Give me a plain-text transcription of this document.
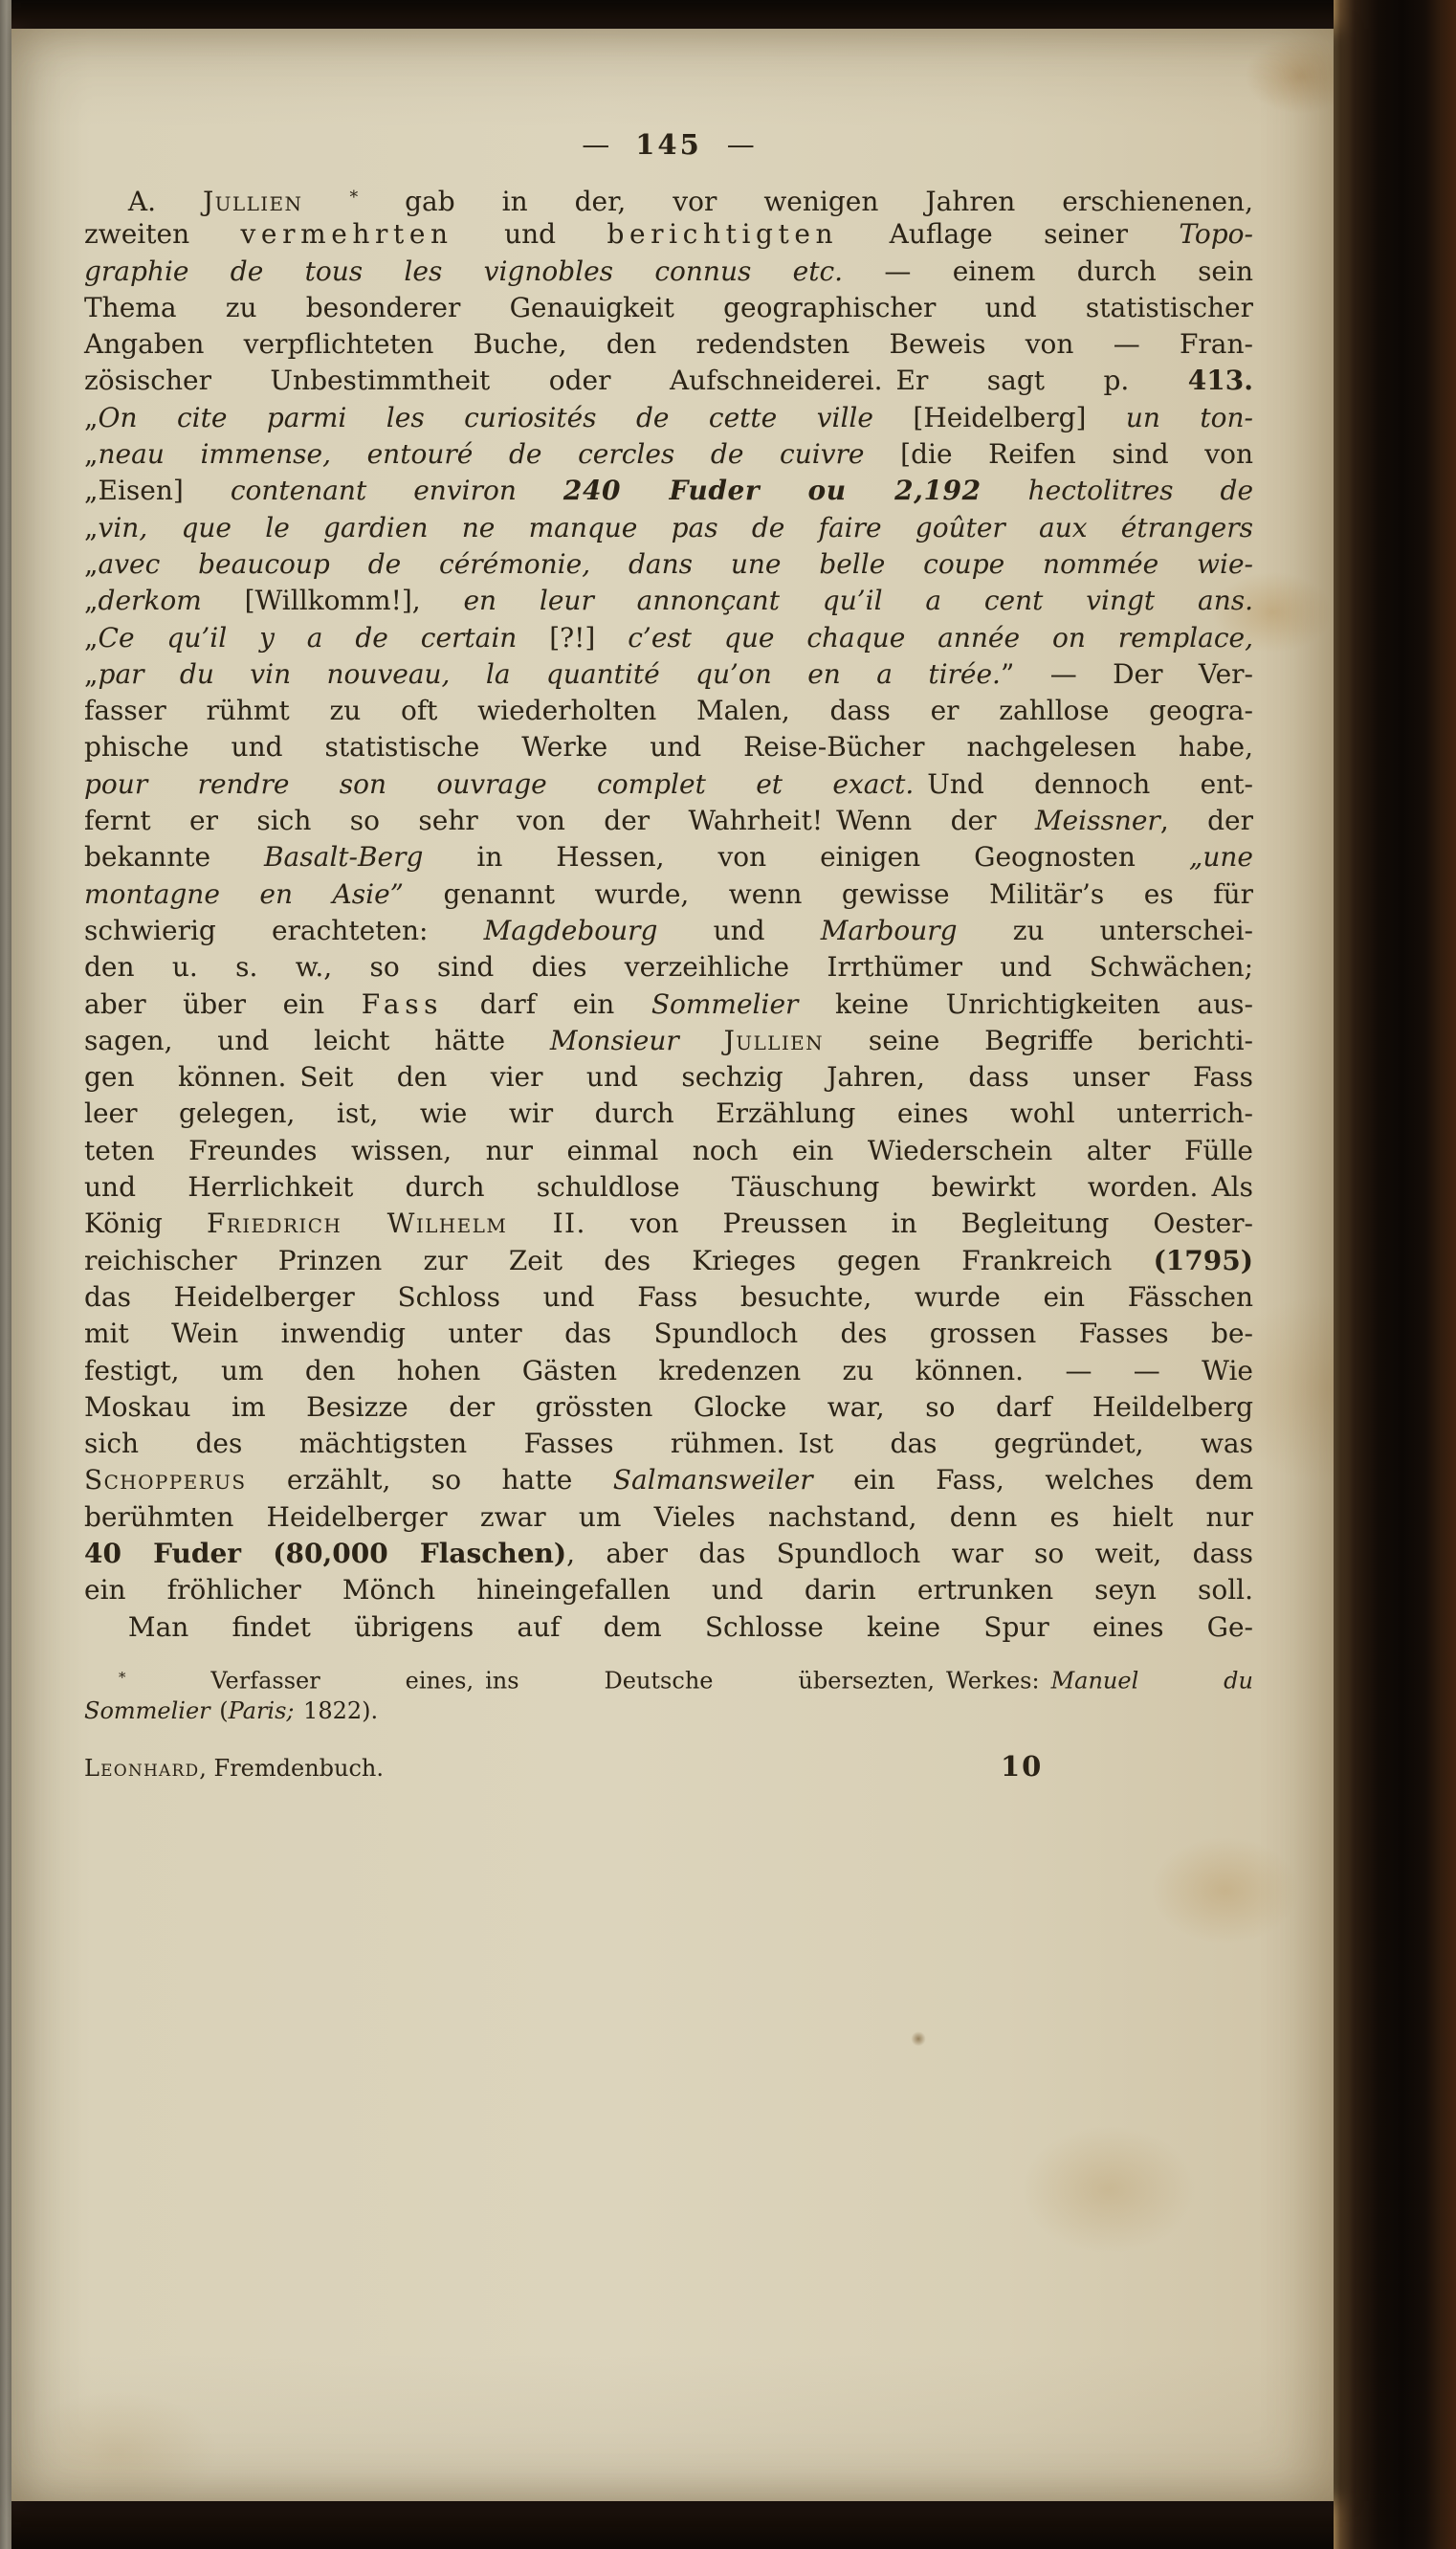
— 145 —
A. Jullien	* gab in der, vor wenigen Jahren erschienenen,
zweiten vermehrten und berichtigten Auflage seiner Topo-
graphie de tous les vignobles connus etc. — einem durch sein
Thema zu besonderer Genauigkeit geographischer und statistischer
Angaben verpflichteten Buche, den redendsten Beweis von — Fran-
zösischer Unbestimmtheit oder Aufschneiderei. Er sagt p. 413.
„On cite parmi les curiosités de cette ville [Heidelberg] un ton-
„neau immense, entouré de cercles de cuivre [die Reifen sind von
„Eisen] contenant environ 240 Fuder ou 2,192 hectolitres de
„vin, que le gardien ne manque pas de faire goûter aux étrangers
„avec beaucoup de cérémonie, dans une belle coupe nommée wie-
„derkom [Willkomm!], en leur annonçant qu’il a cent vingt ans.
„Ce qu’il y a de certain [?!] c’est que chaque année on remplace,
„par du vin nouveau, la quantité qu’on en a tirée.” — Der Ver-
fasser rühmt zu oft wiederholten Malen, dass er zahllose geogra-
phische und statistische Werke und Reise-Bücher nachgelesen habe,
pour rendre son ouvrage complet et exact. Und dennoch ent-
fernt er sich so sehr von der Wahrheit! Wenn der Meissner, der
bekannte Basalt-Berg in Hessen, von einigen Geognosten „une
montagne en Asie” genannt wurde, wenn gewisse Militär’s es für
schwierig erachteten: Magdebourg und Marbourg zu unterschei-
den u. s. w., so sind dies verzeihliche Irrthümer und Schwächen;
aber über ein Fass darf ein Sommelier keine Unrichtigkeiten aus-
sagen, und leicht hätte Monsieur Jullien seine Begriffe berichti-
gen können. Seit den vier und sechzig Jahren, dass unser Fass
leer gelegen, ist, wie wir durch Erzählung eines wohl unterrich-
teten Freundes wissen, nur einmal noch ein Wiederschein alter Fülle
und Herrlichkeit durch schuldlose Täuschung bewirkt worden. Als
König Friedrich Wilhelm II. von Preussen in Begleitung Oester-
reichischer Prinzen zur Zeit des Krieges gegen Frankreich (1795)
das Heidelberger Schloss und Fass besuchte, wurde ein Fässchen
mit Wein inwendig unter das Spundloch des grossen Fasses be-
festigt, um den hohen Gästen kredenzen zu können. — — Wie
Moskau im Besizze der grössten Glocke war, so darf Heildelberg
sich des mächtigsten Fasses rühmen. Ist das gegründet, was
Schopperus erzählt, so hatte Salmansweiler ein Fass, welches dem
berühmten Heidelberger zwar um Vieles nachstand, denn es hielt nur
40 Fuder (80,000 Flaschen), aber das Spundloch war so weit, dass
ein fröhlicher Mönch hineingefallen und darin ertrunken seyn soll.
Man findet übrigens auf dem Schlosse keine Spur eines Ge-
* Verfasser eines, ins Deutsche übersezten, Werkes: Manuel du
Sommelier (Paris; 1822).
Leonhard, Fremdenbuch.	10
